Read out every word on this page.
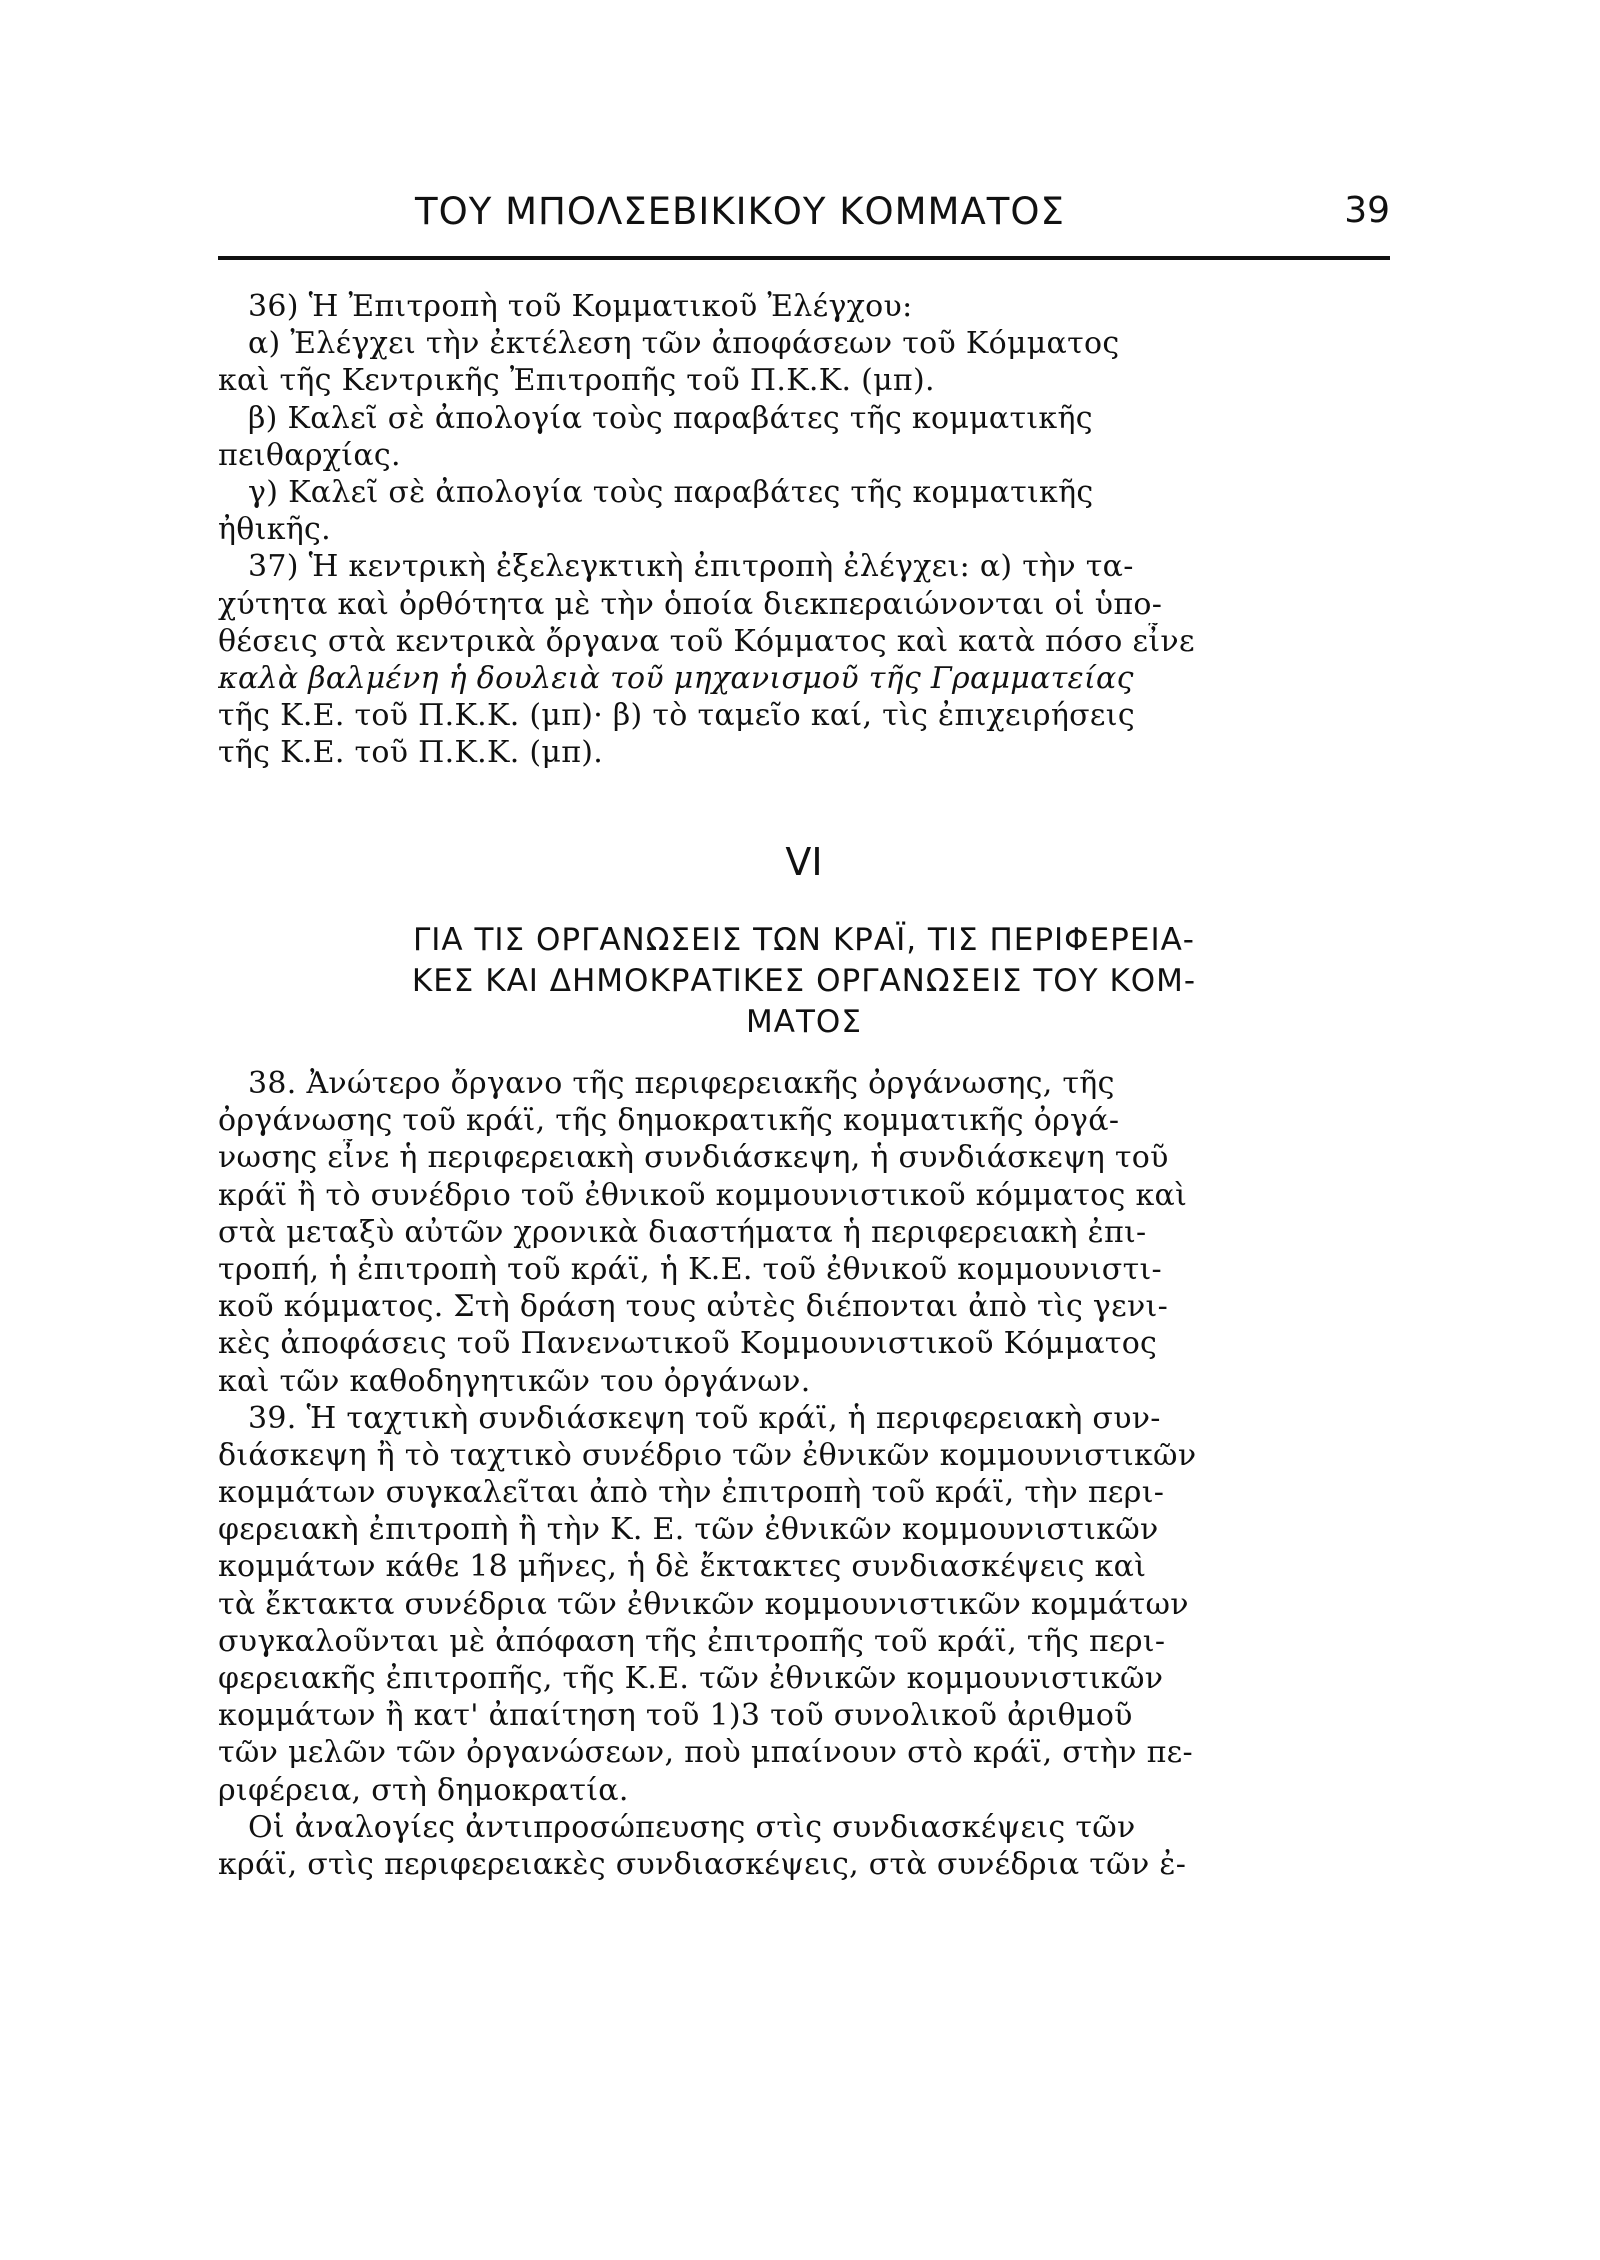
ΤΟΥ ΜΠΟΛΣΕΒΙΚΙΚΟΥ ΚΟΜΜΑΤΟΣ	39
36) Ἡ Ἐπιτροπὴ τοῦ Κομματικοῦ Ἐλέγχου:
α) Ἐλέγχει τὴν ἐκτέλεση τῶν ἀποφάσεων τοῦ Κόμματος
καὶ τῆς Κεντρικῆς Ἐπιτροπῆς τοῦ Π.Κ.Κ. (μπ).
β) Καλεῖ σὲ ἀπολογία τοὺς παραβάτες τῆς κομματικῆς
πειθαρχίας.
γ) Καλεῖ σὲ ἀπολογία τοὺς παραβάτες τῆς κομματικῆς
ἠθικῆς.
37) Ἡ κεντρικὴ ἐξελεγκτικὴ ἐπιτροπὴ ἐλέγχει: α) τὴν τα-
χύτητα καὶ ὀρθότητα μὲ τὴν ὁποία διεκπεραιώνονται οἱ ὑπο-
θέσεις στὰ κεντρικὰ ὄργανα τοῦ Κόμματος καὶ κατὰ πόσο εἶνε
καλὰ βαλμένη ἡ δουλειὰ τοῦ μηχανισμοῦ τῆς Γραμματείας
τῆς Κ.Ε. τοῦ Π.Κ.Κ. (μπ)· β) τὸ ταμεῖο καί, τὶς ἐπιχειρήσεις
τῆς Κ.Ε. τοῦ Π.Κ.Κ. (μπ).
VI
ΓΙΑ ΤΙΣ ΟΡΓΑΝΩΣΕΙΣ ΤΩΝ ΚΡΑΪ, ΤΙΣ ΠΕΡΙΦΕΡΕΙΑ-
ΚΕΣ ΚΑΙ ΔΗΜΟΚΡΑΤΙΚΕΣ ΟΡΓΑΝΩΣΕΙΣ ΤΟΥ ΚΟΜ-
ΜΑΤΟΣ
38. Ἀνώτερο ὄργανο τῆς περιφερειακῆς ὀργάνωσης, τῆς
ὀργάνωσης τοῦ κράϊ, τῆς δημοκρατικῆς κομματικῆς ὀργά-
νωσης εἶνε ἡ περιφερειακὴ συνδιάσκεψη, ἡ συνδιάσκεψη τοῦ
κράϊ ἢ τὸ συνέδριο τοῦ ἐθνικοῦ κομμουνιστικοῦ κόμματος καὶ
στὰ μεταξὺ αὐτῶν χρονικὰ διαστήματα ἡ περιφερειακὴ ἐπι-
τροπή, ἡ ἐπιτροπὴ τοῦ κράϊ, ἡ Κ.Ε. τοῦ ἐθνικοῦ κομμουνιστι-
κοῦ κόμματος. Στὴ δράση τους αὐτὲς διέπονται ἀπὸ τὶς γενι-
κὲς ἀποφάσεις τοῦ Πανενωτικοῦ Κομμουνιστικοῦ Κόμματος
καὶ τῶν καθοδηγητικῶν του ὀργάνων.
39. Ἡ ταχτικὴ συνδιάσκεψη τοῦ κράϊ, ἡ περιφερειακὴ συν-
διάσκεψη ἢ τὸ ταχτικὸ συνέδριο τῶν ἐθνικῶν κομμουνιστικῶν
κομμάτων συγκαλεῖται ἀπὸ τὴν ἐπιτροπὴ τοῦ κράϊ, τὴν περι-
φερειακὴ ἐπιτροπὴ ἢ τὴν Κ. Ε. τῶν ἐθνικῶν κομμουνιστικῶν
κομμάτων κάθε 18 μῆνες, ἡ δὲ ἔκτακτες συνδιασκέψεις καὶ
τὰ ἔκτακτα συνέδρια τῶν ἐθνικῶν κομμουνιστικῶν κομμάτων
συγκαλοῦνται μὲ ἀπόφαση τῆς ἐπιτροπῆς τοῦ κράϊ, τῆς περι-
φερειακῆς ἐπιτροπῆς, τῆς Κ.Ε. τῶν ἐθνικῶν κομμουνιστικῶν
κομμάτων ἢ κατ' ἀπαίτηση τοῦ 1)3 τοῦ συνολικοῦ ἀριθμοῦ
τῶν μελῶν τῶν ὀργανώσεων, ποὺ μπαίνουν στὸ κράϊ, στὴν πε-
ριφέρεια, στὴ δημοκρατία.
Οἱ ἀναλογίες ἀντιπροσώπευσης στὶς συνδιασκέψεις τῶν
κράϊ, στὶς περιφερειακὲς συνδιασκέψεις, στὰ συνέδρια τῶν ἐ-
